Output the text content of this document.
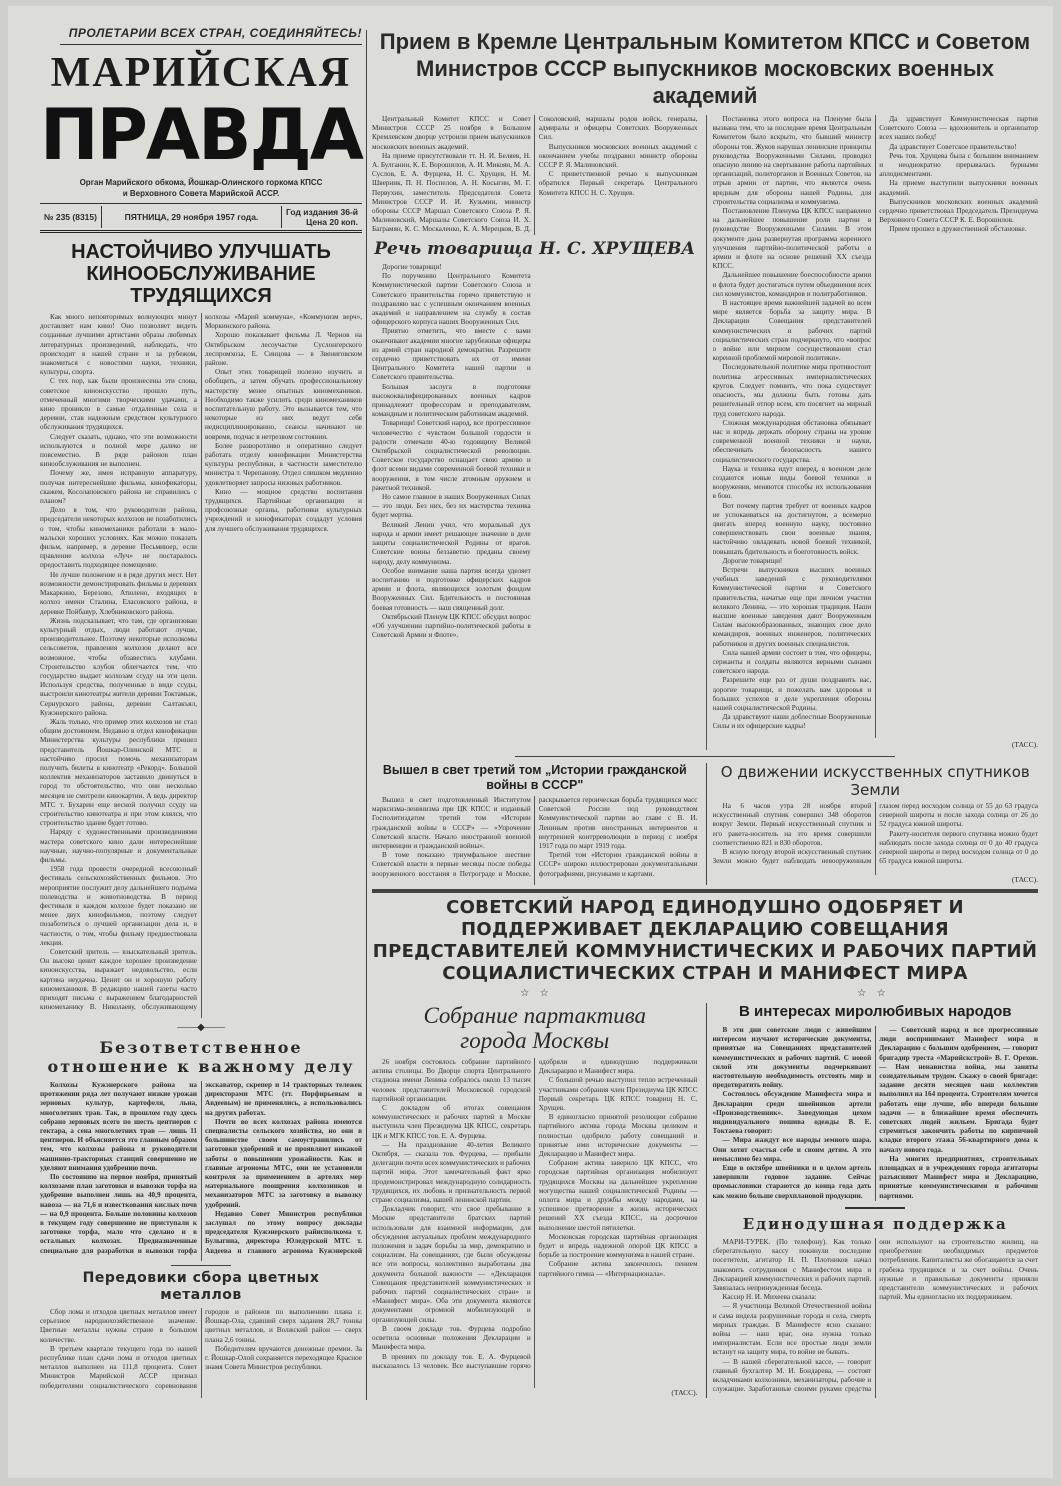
ПРОЛЕТАРИИ ВСЕХ СТРАН, СОЕДИНЯЙТЕСЬ!
МАРИЙСКАЯ
ПРАВДА
Орган Марийского обкома, Йошкар-Олинского горкома КПСС и Верховного Совета Марийской АССР.
№ 235 (8315)	ПЯТНИЦА, 29 ноября 1957 года.	Год издания 36-й
Цена 20 коп.
НАСТОЙЧИВО УЛУЧШАТЬ КИНООБСЛУЖИВАНИЕ ТРУДЯЩИХСЯ

Как много неповторимых волнующих минут доставляет нам кино! Оно позволяет видеть созданные лучшими артистами образы любимых литературных произведений, наблюдать, что происходит в нашей стране и за рубежом, знакомиться с новостями науки, техники, культуры, спорта.

С тех пор, как были произнесены эти слова, советское киноискусство прошло путь, отмеченный многими творческими удачами, а кино проникло в самые отдаленные села и деревни, став надежным средством культурного обслуживания трудящихся.

Следует сказать, однако, что эти возможности используются в полной мере далеко не повсеместно. В ряде районов план кинообслуживания не выполнен.

Почему же, имея исправную аппаратуру, получая интереснейшие фильмы, кинофикаторы, скажем, Косолаповского района не справились с планом?

Дело в том, что руководители района, председатели некоторых колхозов не позаботились о том, чтобы киномеханики работали в мало-мальски хороших условиях. Как можно показать фильм, например, в деревне Песьмиюер, если правление колхоза «Луч» не постаралось предоставить подходящее помещение.

Не лучше положение и в ряде других мест. Нет возможности демонстрировать фильмы в деревнях Макаркино, Березово, Атюлено, входящих в колхоз имени Сталина, Еласовского района, в деревне Пойбавур, Хлебниковского района.

Жизнь подсказывает, что там, где организован культурный отдых, люди работают лучше, производительнее. Поэтому некоторые исполкомы сельсоветов, правления колхозов делают все возможное, чтобы обзавестись клубами. Строительство клубов облегчается тем, что государство выдает колхозам ссуду на эти цели. Используя средства, полученные в виде ссуды, выстроили кинотеатры жители деревни Токтамыж, Сернурского района, деревни Салтакъял, Кужэнерского района.

Жаль только, что пример этих колхозов не стал общим достоянием. Недавно в отдел кинофикации Министерства культуры республики пришел представитель Йошкар-Олинской МТС и настойчиво просил помочь механизаторам получить билеты в кинотеатр «Рекорд». Большой коллектив механизаторов заставило двинуться в город то обстоятельство, что они несколько месяцев не смотрели кинокартин. А ведь директор МТС т. Бухарин еще весной получил ссуду на строительство кинотеатра и при этом клялся, что строительство здание будет готово.

Наряду с художественными произведениями мастера советского кино дали интереснейшие научные, научно-популярные и документальные фильмы.

1958 года провести очередной всесоюзный фестиваль сельскохозяйственных фильмов. Это мероприятие послужит делу дальнейшего подъема полеводства и животноводства. В период фестиваля в каждом колхозе будет показано не менее двух кинофильмов, поэтому следует позаботиться о лучшей организации дела и, в частности, о том, чтобы фильму предшествовала лекция.

Советский зритель — взыскательный зритель. Он высоко ценит каждое хорошее произведение киноискусства, выражает недовольство, если картина неудачна. Ценит он и хорошую работу киномехаников. В редакцию нашей газеты часто приходят письма с выражением благодарностей киномеханику В. Николаеву, обслуживающему колхозы «Марий коммуна», «Коммунизм верч», Моркинского района.

Хорошо показывает фильмы Л. Чернов на Октябрьском лесоучастке Суслонгерского леспромхоза, Е. Синцова — в Звениговском районе.

Опыт этих товарищей полезно изучить и обобщить, а затем обучать профессиональному мастерству менее опытных киномехаников. Необходимо также усилить среди киномехаников воспитательную работу. Это вызывается тем, что некоторые из них ведут себя недисциплинированно, сеансы начинают не вовремя, подчас в нетрезвом состоянии.

Более разворотливо и оперативно следует работать отделу кинофикации Министерства культуры республики, в частности заместителю министра т. Черепанову. Отдел слишком медленно удовлетворяет запросы низовых работников.

Кино — мощное средство воспитания трудящихся. Партийные организации и профсоюзные органы, работники культурных учреждений и кинофикаторах создадут условия для лучшего обслуживания трудящихся.

——◆——
Безответственное отношение к важному делу

Колхозы Кужэнерского района на протяжении ряда лет получают низкие урожаи зерновых культур, картофеля, льна, многолетних трав. Так, в прошлом году здесь собрано зерновых всего по шесть центнеров с гектара, а сена многолетних трав — лишь 11 центнеров. И объясняется это главным образом тем, что колхозы района и руководители машинно-тракторных станций совершенно не уделяют внимания удобрению почв.

По состоянию на первое ноября, принятый колхозами план заготовки и вывозки торфа на удобрение выполнен лишь на 40,9 процента, навоза — на 71,6 и известкования кислых почв — на 0,9 процента. Больше половины колхозов в текущем году совершенно не приступали к заготовке торфа, мало что сделано и в остальных колхозах. Предназначенные специально для разработки и вывозки торфа экскаватор, скрепер и 14 тракторных тележек директорами МТС (тт. Порфирьевым и Авдеевым) не применялись, а использовались на других работах.

Почти во всех колхозах района имеются специалисты сельского хозяйства, но они в большинстве своем самоустранились от заготовки удобрений и не проявляют никакой заботы о повышении урожайности. Как и главные агрономы МТС, они не установили контроля за применением в артелях мер материального поощрения колхозников и механизаторов МТС за заготовку и вывозку удобрений.

Недавно Совет Министров республики заслушал по этому вопросу доклады председателя Кужэнерского райисполкома т. Булыгина, директора Юледурской МТС т. Авдеева и главного агронома Кужэнерской

Передовики сбора цветных металлов

Сбор лома и отходов цветных металлов имеет серьезное народнохозяйственное значение. Цветные металлы нужны стране в большом количестве.

В третьем квартале текущего года по нашей республике план сдачи лома и отходов цветных металлов выполнен на 111,8 процента. Совет Министров Марийской АССР признал победителями социалистического соревнования городов и районов по выполнению плана г. Йошкар-Ола, сдавший сверх задания 28,7 тонны цветных металлов, и Волжский район — сверх плана 2,6 тонны.

Победителям вручаются денежные премии. За г. Йошкар-Олой сохраняется переходящее Красное знамя Совета Министров республики.

Прием в Кремле Центральным Комитетом КПСС и Советом Министров СССР выпускников московских военных академий

Центральный Комитет КПСС и Совет Министров СССР 25 ноября в Большом Кремлевском дворце устроили прием выпускников московских военных академий.

На приеме присутствовали тт. Н. И. Беляев, Н. А. Булганин, К. Е. Ворошилов, А. И. Микоян, М. А. Суслов, Е. А. Фурцева, Н. С. Хрущев, Н. М. Шверник, П. Н. Поспелов, А. Н. Косыгин, М. Г. Первухин, заместитель Председателя Совета Министров СССР И. И. Кузьмин, министр обороны СССР Маршал Советского Союза Р. Я. Малиновский, Маршалы Советского Союза И. Х. Баграмян, К. С. Москаленко, К. А. Мерецков, В. Д. Соколовский, маршалы родов войск, генералы, адмиралы и офицеры Советских Вооруженных Сил.

Выпускников московских военных академий с окончанием учебы поздравил министр обороны СССР Р. Я. Малиновский.

С приветственной речью к выпускникам обратился Первый секретарь Центрального Комитета КПСС Н. С. Хрущев.

Речь товарища Н. С. ХРУЩЕВА

Дорогие товарищи!

По поручению Центрального Комитета Коммунистической партии Советского Союза и Советского правительства горячо приветствую и поздравляю вас с успешным окончанием военных академий и направлением на службу в состав офицерского корпуса наших Вооруженных Сил.

Приятно отметить, что вместе с вами оканчивают академии многие зарубежные офицеры из армий стран народной демократии. Разрешите сердечно приветствовать их от имени Центрального Комитета нашей партии и Советского правительства.

Большая заслуга в подготовке высококвалифицированных военных кадров принадлежит профессорам и преподавателям, командным и политическим работникам академий.

Товарищи! Советский народ, все прогрессивное человечество с чувством большой гордости и радости отмечали 40-ю годовщину Великой Октябрьской социалистической революции. Советское государство оснащает свою армию и флот всеми видами современной боевой техники и вооружения, в том числе атомным оружием и ракетной техникой.

Но самое главное в наших Вооруженных Силах — это люди. Без них, без их мастерства техника будет мертва.

Великий Ленин учил, что моральный дух народа и армии имеет решающее значение в деле защиты социалистической Родины от врагов. Советские воины беззаветно преданы своему народу, делу коммунизма.

Особое внимание наша партия всегда уделяет воспитанию и подготовке офицерских кадров армии и флота, являющихся золотым фондом Вооруженных Сил. Бдительность и постоянная боевая готовность — наш священный долг.

Октябрьский Пленум ЦК КПСС обсудил вопрос «Об улучшении партийно-политической работы в Советской Армии и Флоте».

Постановка этого вопроса на Пленуме была вызвана тем, что за последнее время Центральным Комитетом было вскрыто, что бывший министр обороны тов. Жуков нарушал ленинские принципы руководства Вооруженными Силами, проводил опасную линию на свертывание работы партийных организаций, политорганов и Военных Советов, на отрыв армии от партии, что является очень вредным для обороны нашей Родины, для строительства социализма и коммунизма.

Постановление Пленума ЦК КПСС направлено на дальнейшее повышение роли партии в руководстве Вооруженными Силами. В этом документе дана развернутая программа коренного улучшения партийно-политической работы в армии и флоте на основе решений XX съезда КПСС.

Дальнейшее повышение боеспособности армии и флота будет достигаться путем объединения всех сил коммунистов, командиров и политработников.

В настоящее время важнейшей задачей во всем мире является борьба за защиту мира. В Декларации Совещания представителей коммунистических и рабочих партий социалистических стран подчеркнуто, что «вопрос о войне или мирном сосуществовании стал коренной проблемой мировой политики».

Последовательной политике мира противостоит политика агрессивных империалистических кругов. Следует помнить, что пока существует опасность, мы должны быть готовы дать решительный отпор всем, кто посягнет на мирный труд советского народа.

Сложная международная обстановка обязывает нас и впредь держать оборону страны на уровне современной военной техники и науки, обеспечивать безопасность нашего социалистического государства.

Наука и техника идут вперед, в военном деле создаются новые виды боевой техники и вооружения, меняются способы их использования в бою.

Вот почему партия требует от военных кадров не успокаиваться на достигнутом, а всемерно двигать вперед военную науку, постоянно совершенствовать свои военные знания, настойчиво овладевать новой боевой техникой, повышать бдительность и боеготовность войск.

Дорогие товарищи!

Встречи выпускников высших военных учебных заведений с руководителями Коммунистической партии и Советского правительства, начатые еще при личном участии великого Ленина, — это хорошая традиция. Наши высшие военные заведения дают Вооруженным Силам высокообразованных, знающих свое дело командиров, военных инженеров, политических работников и других военных специалистов.

Сила нашей армии состоит в том, что офицеры, сержанты и солдаты являются верными сынами советского народа.

Разрешите еще раз от души поздравить вас, дорогие товарищи, и пожелать вам здоровья и больших успехов в деле укрепления обороны нашей социалистической Родины.

Да здравствуют наши доблестные Вооруженные Силы и их офицерские кадры!

Да здравствует Коммунистическая партия Советского Союза — вдохновитель и организатор всех наших побед!

Да здравствует Советское правительство!

Речь тов. Хрущева была с большим вниманием и неоднократно прерывалась бурными аплодисментами.

На приеме выступили выпускники военных академий.

Выпускников московских военных академий сердечно приветствовал Председатель Президиума Верховного Совета СССР К. Е. Ворошилов.

Прием прошел в дружественной обстановке.

(ТАСС).
Вышел в свет третий том „Истории гражданской войны в СССР"

Вышел в свет подготовленный Институтом марксизма-ленинизма при ЦК КПСС и изданный Госполитиздатом третий том «Истории гражданской войны в СССР» — «Упрочение Советской власти. Начало иностранной военной интервенции и гражданской войны».

В томе показано триумфальное шествие Советской власти в первые месяцы после победы вооруженного восстания в Петрограде и Москве, раскрывается героическая борьба трудящихся масс Советской России под руководством Коммунистической партии во главе с В. И. Лениным против иностранных интервентов и внутренней контрреволюции в период с ноября 1917 года по март 1919 года.

Третий том «Истории гражданской войны в СССР» широко иллюстрирован документальными фотографиями, рисунками и картами.

О движении искусственных спутников Земли

На 6 часов утра 28 ноября второй искусственный спутник совершил 348 оборотов вокруг Земли. Первый искусственный спутник и его ракета-носитель на это время совершили соответственно 821 и 830 оборотов.

В ясную погоду второй искусственный спутник Земли можно будет наблюдать невооруженным глазом перед восходом солнца от 55 до 63 градуса северной широты и после захода солнца от 26 до 52 градуса южной широты.

Ракету-носителя первого спутника можно будет наблюдать после захода солнца от 0 до 40 градуса северной широты и перед восходом солнца от 0 до 65 градуса южной широты.

(ТАСС).
СОВЕТСКИЙ НАРОД ЕДИНОДУШНО ОДОБРЯЕТ И ПОДДЕРЖИВАЕТ ДЕКЛАРАЦИЮ СОВЕЩАНИЯ ПРЕДСТАВИТЕЛЕЙ КОММУНИСТИЧЕСКИХ И РАБОЧИХ ПАРТИЙ СОЦИАЛИСТИЧЕСКИХ СТРАН И МАНИФЕСТ МИРА
☆ ☆	☆ ☆
Собрание партактива
города Москвы

26 ноября состоялось собрание партийного актива столицы. Во Дворце спорта Центрального стадиона имени Ленина собралось около 13 тысяч человек представителей Московской городской партийной организации.

С докладом об итогах совещания коммунистических и рабочих партий в Москве выступила член Президиума ЦК КПСС, секретарь ЦК и МГК КПСС тов. Е. А. Фурцева.

— На празднование 40-летия Великого Октября, — сказала тов. Фурцева, — прибыли делегации почти всех коммунистических и рабочих партий мира. Этот замечательный факт ярко продемонстрировал международную солидарность трудящихся, их любовь и признательность первой стране социализма, нашей ленинской партии.

Докладчик говорит, что свое пребывание в Москве представители братских партий использовали для взаимной информации, для обсуждения актуальных проблем международного положения и задач борьбы за мир, демократию и социализм. На совещаниях, где были обсуждены все эти вопросы, коллективно выработаны два документа большой важности — «Декларация Совещания представителей коммунистических и рабочих партий социалистических стран» и «Манифест мира». Оба эти документа являются документами огромной мобилизующей и организующей силы.

В своем докладе тов. Фурцева подробно осветила основные положения Декларации и Манифеста мира.

В прениях по докладу тов. Е. А. Фурцевой высказалось 13 человек. Все выступавшие горячо одобряли и единодушно поддерживали Декларацию и Манифест мира.

С большой речью выступил тепло встреченный участниками собрания член Президиума ЦК КПСС Первый секретарь ЦК КПСС товарищ Н. С. Хрущев.

В единогласно принятой резолюции собрание партийного актива города Москвы целиком и полностью одобрило работу совещаний и принятые ими исторические документы — Декларацию и Манифест мира.

Собрание актива заверило ЦК КПСС, что городская партийная организация мобилизует трудящихся Москвы на дальнейшее укрепление могущества нашей социалистической Родины — оплота мира и дружбы между народами, на успешное претворение в жизнь исторических решений XX съезда КПСС, на досрочное выполнение шестой пятилетки.

Московская городская партийная организация будет и впредь надежной опорой ЦК КПСС в борьбе за построение коммунизма в нашей стране.

Собрание актива закончилось пением партийного гимна — «Интернационала».

(ТАСС).
В интересах миролюбивых народов

В эти дни советские люди с живейшим интересом изучают исторические документы, принятые на Совещаниях представителей коммунистических и рабочих партий. С новой силой эти документы подчеркивают настоятельную необходимость отстоять мир и предотвратить войну.

Состоялось обсуждение Манифеста мира и Декларации среди швейников артели «Производственник». Заведующая цехом индивидуального пошива одежды В. Е. Токтаева говорит:

— Мира жаждут все народы земного шара. Они хотят счастья себе и своим детям. А это немыслимо без мира.

Еще в октябре швейники и в целом артель завершили годовое задание. Сейчас промысловики стараются до конца года дать как можно больше сверхплановой продукции.

— Советский народ и все прогрессивные люди воспринимают Манифест мира и Декларацию с большим одобрением, — говорит бригадир треста «Марийскстрой» В. Г. Орехов. — Нам ненавистна война, мы заняты созидательным трудом. Скажу о своей бригаде: задание десяти месяцев наш коллектив выполнил на 164 процента. Строителям хочется работать еще лучше, ибо впереди большие задачи — в ближайшее время обеспечить советских людей жильем. Бригада будет стремиться закончить работы по кирпичной кладке второго этажа 56-квартирного дома к началу нового года.

На многих предприятиях, строительных площадках и в учреждениях города агитаторы разъясняют Манифест мира и Декларацию, принятые коммунистическими и рабочими партиями.

Единодушная поддержка

МАРИ-ТУРЕК. (По телефону). Как только сберегательную кассу покинули последние посетители, агитатор Н. П. Плотников начал знакомить сотрудников с Манифестом мира и Декларацией коммунистических и рабочих партий. Завязалась непринужденная беседа.

Кассир Н. И. Михеева сказала:

— Я участница Великой Отечественной войны и сама видела разрушенные города и села, смерть мирных граждан. В Манифесте ясно сказано: война — наш враг, она нужна только империалистам. Если все простые люди земли встанут на защиту мира, то войне не бывать.

— В нашей сберегательной кассе, — говорит главный бухгалтер М. И. Бондарева, — состоят вкладчиками колхозники, механизаторы, рабочие и служащие. Заработанные своими руками средства они используют на строительство жилищ, на приобретение необходимых предметов потребления. Капиталисты же обогащаются за счет грабежа трудящихся и за счет войны. Очень нужные и правильные документы приняли представители коммунистических и рабочих партий. Мы единогласно их поддерживаем.
